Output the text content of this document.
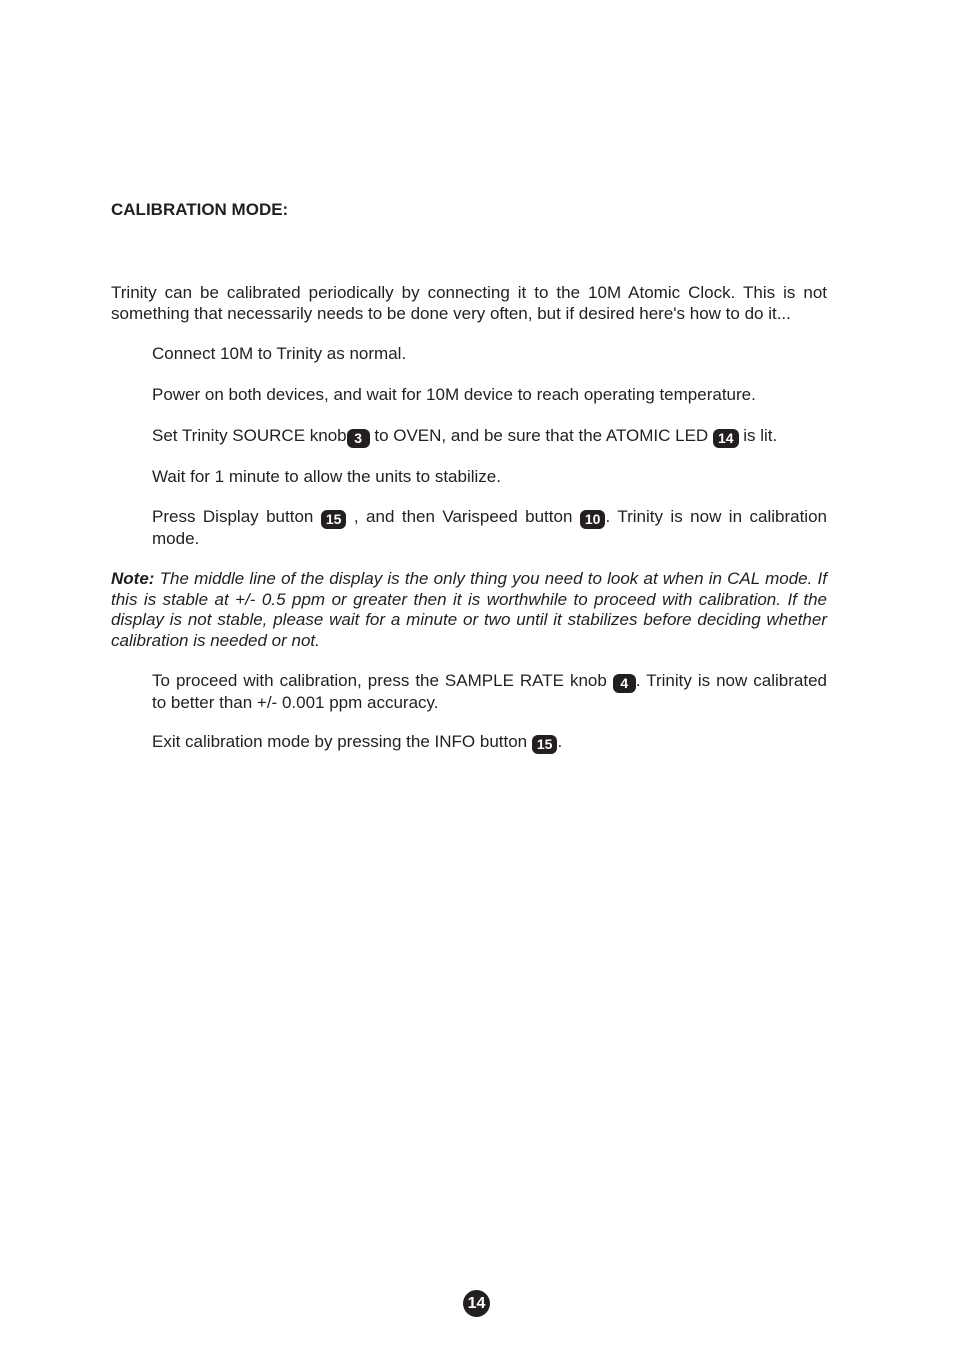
CALIBRATION MODE:

Trinity can be calibrated periodically by connecting it to the 10M Atomic Clock. This is not something that necessarily needs to be done very often, but if desired here's how to do it...

Connect 10M to Trinity as normal.

Power on both devices, and wait for 10M device to reach operating temperature.

Set Trinity SOURCE knob 3 to OVEN, and be sure that the ATOMIC LED 14 is lit.

Wait for 1 minute to allow the units to stabilize.

Press Display button 15 , and then Varispeed button 10 . Trinity is now in calibration mode.

Note: The middle line of the display is the only thing you need to look at when in CAL mode. If this is stable at +/- 0.5 ppm or greater then it is worthwhile to proceed with calibration. If the display is not stable, please wait for a minute or two until it stabilizes before deciding whether calibration is needed or not.

To proceed with calibration, press the SAMPLE RATE knob 4 . Trinity is now calibrated to better than +/- 0.001 ppm accuracy.

Exit calibration mode by pressing the INFO button 15 .

14
